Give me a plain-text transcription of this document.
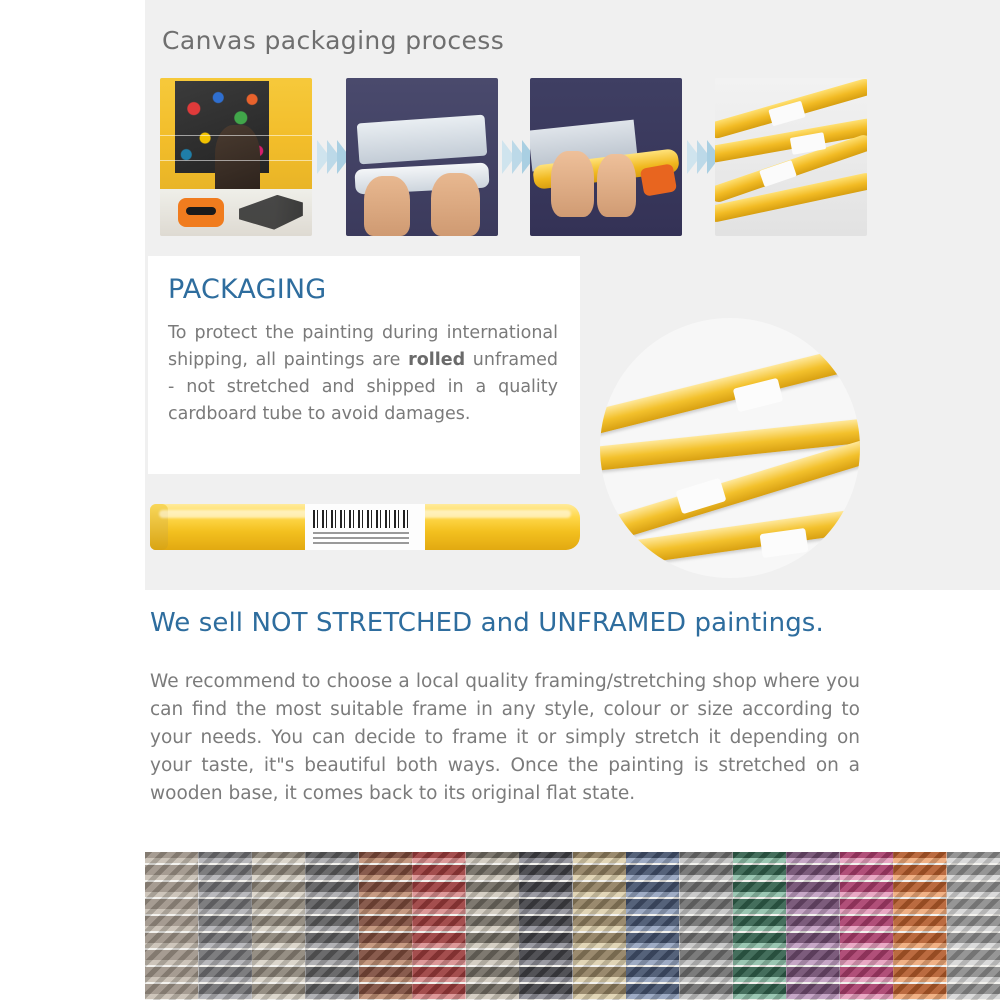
Canvas packaging process
PACKAGING
To protect the painting during international shipping, all paintings are rolled unframed - not stretched and shipped in a quality cardboard tube to avoid damages.
We sell NOT STRETCHED and UNFRAMED paintings.
We recommend to choose a local quality framing/stretching shop where you can find the most suitable frame in any style, colour or size according to your needs. You can decide to frame it or simply stretch it depending on your taste, it"s beautiful both ways. Once the painting is stretched on a wooden base, it comes back to its original flat state.
